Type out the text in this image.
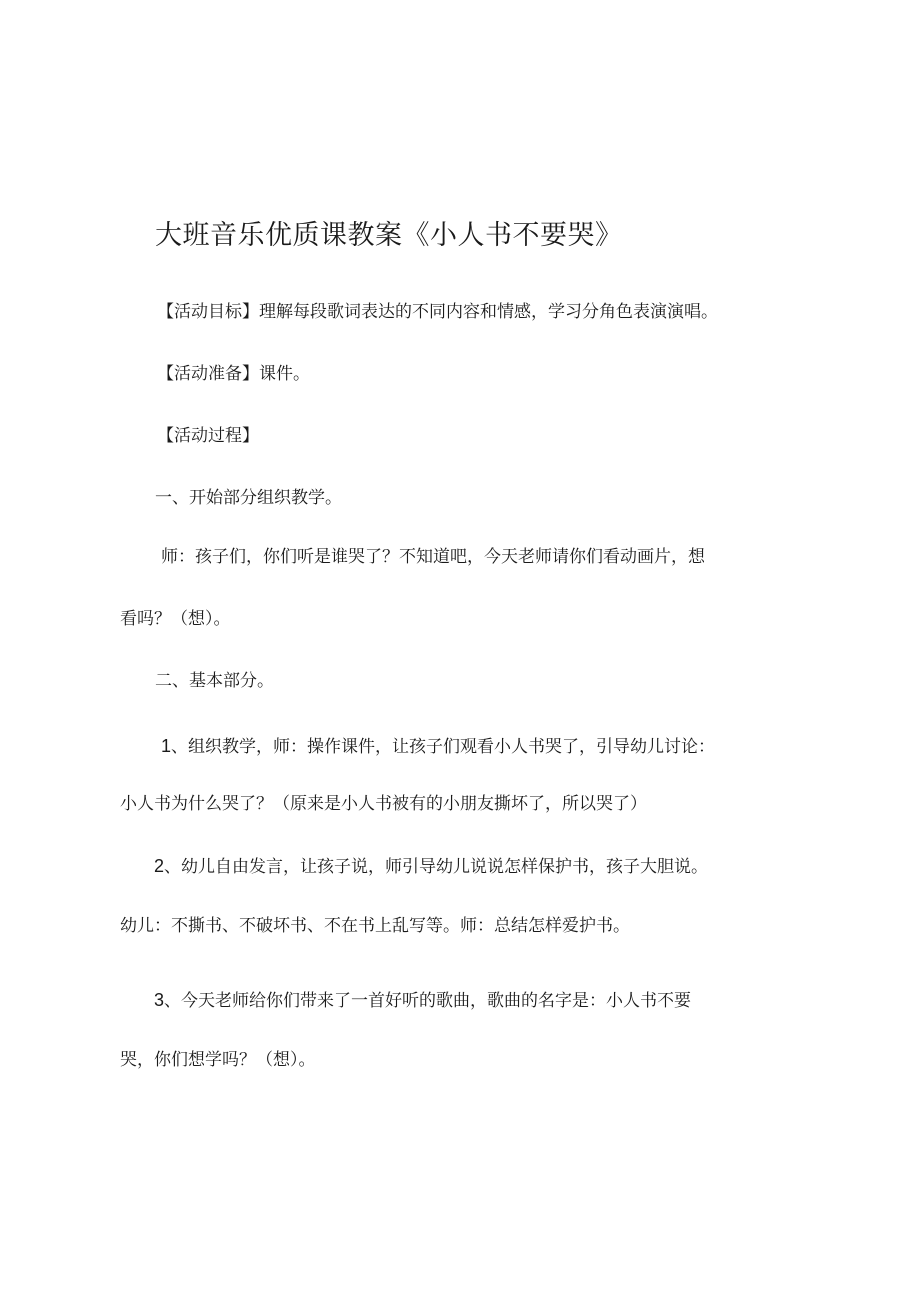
大班音乐优质课教案《小人书不要哭》
【活动目标】理解每段歌词表达的不同内容和情感，学习分角色表演演唱。
【活动准备】课件。
【活动过程】
一、开始部分组织教学。
师：孩子们，你们听是谁哭了？不知道吧，今天老师请你们看动画片，想
看吗？（想）。
二、基本部分。
1、组织教学，师：操作课件，让孩子们观看小人书哭了，引导幼儿讨论：
小人书为什么哭了？（原来是小人书被有的小朋友撕坏了，所以哭了）
2、幼儿自由发言，让孩子说，师引导幼儿说说怎样保护书，孩子大胆说。
幼儿：不撕书、不破坏书、不在书上乱写等。师：总结怎样爱护书。
3、今天老师给你们带来了一首好听的歌曲，歌曲的名字是：小人书不要
哭，你们想学吗？（想）。
